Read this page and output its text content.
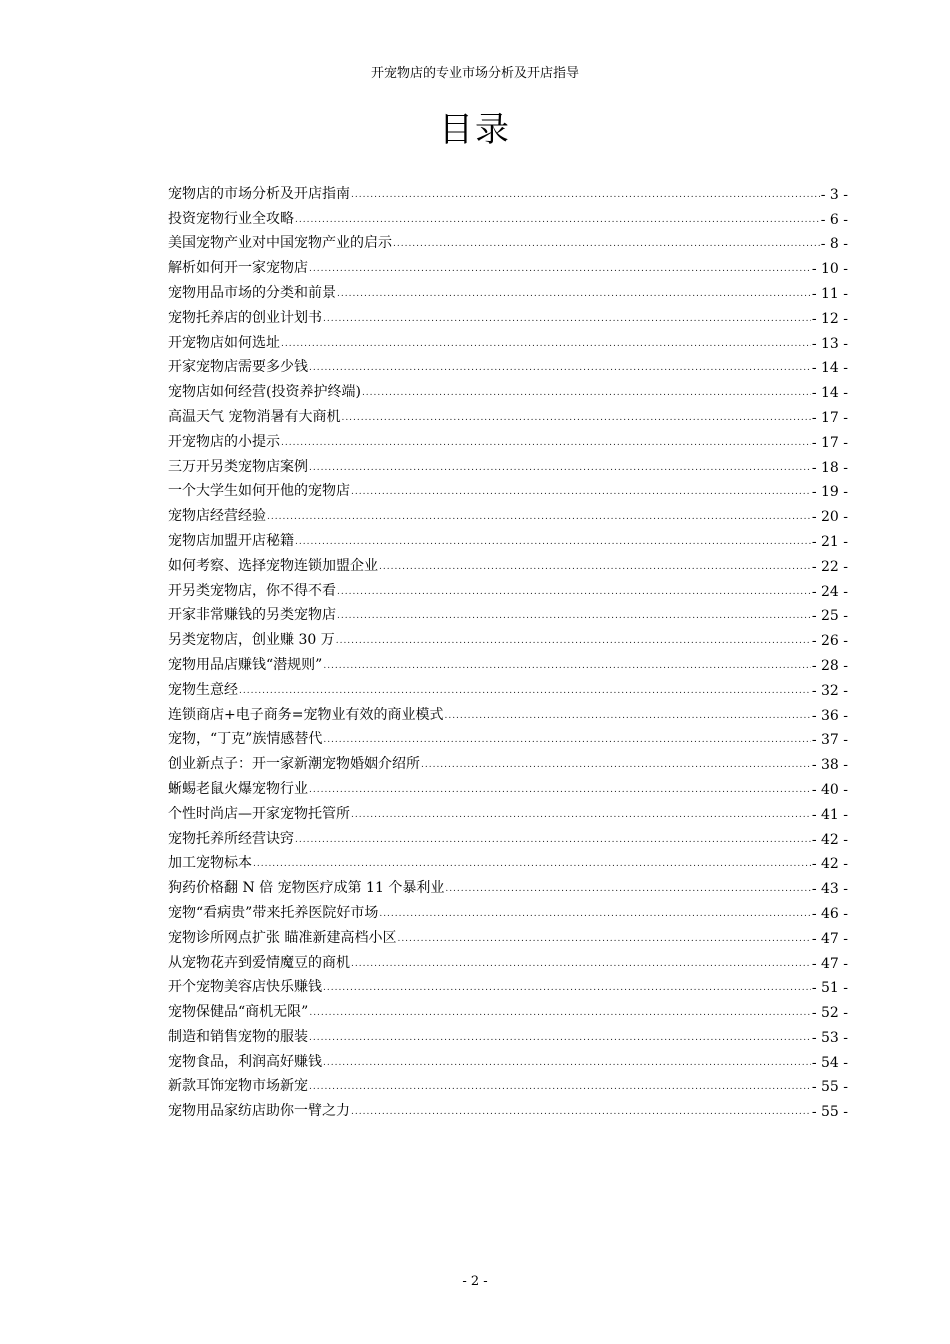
开宠物店的专业市场分析及开店指导
目录
宠物店的市场分析及开店指南 .....	- 3 -
投资宠物行业全攻略 .....	- 6 -
美国宠物产业对中国宠物产业的启示 .....	- 8 -
解析如何开一家宠物店 .....	- 10 -
宠物用品市场的分类和前景 .....	- 11 -
宠物托养店的创业计划书 .....	- 12 -
开宠物店如何选址 .....	- 13 -
开家宠物店需要多少钱 .....	- 14 -
宠物店如何经营(投资养护终端) .....	- 14 -
高温天气 宠物消暑有大商机 .....	- 17 -
开宠物店的小提示 .....	- 17 -
三万开另类宠物店案例 .....	- 18 -
一个大学生如何开他的宠物店 .....	- 19 -
宠物店经营经验 .....	- 20 -
宠物店加盟开店秘籍 .....	- 21 -
如何考察、选择宠物连锁加盟企业 .....	- 22 -
开另类宠物店，你不得不看 .....	- 24 -
开家非常赚钱的另类宠物店 .....	- 25 -
另类宠物店，创业赚 30 万 .....	- 26 -
宠物用品店赚钱“潜规则” .....	- 28 -
宠物生意经 .....	- 32 -
连锁商店+电子商务=宠物业有效的商业模式 .....	- 36 -
宠物，“丁克”族情感替代 .....	- 37 -
创业新点子：开一家新潮宠物婚姻介绍所 .....	- 38 -
蜥蜴老鼠火爆宠物行业 .....	- 40 -
个性时尚店—开家宠物托管所 .....	- 41 -
宠物托养所经营诀窍 .....	- 42 -
加工宠物标本 .....	- 42 -
狗药价格翻 N 倍 宠物医疗成第 11 个暴利业 .....	- 43 -
宠物“看病贵”带来托养医院好市场 .....	- 46 -
宠物诊所网点扩张 瞄准新建高档小区 .....	- 47 -
从宠物花卉到爱情魔豆的商机 .....	- 47 -
开个宠物美容店快乐赚钱 .....	- 51 -
宠物保健品“商机无限” .....	- 52 -
制造和销售宠物的服装 .....	- 53 -
宠物食品，利润高好赚钱 .....	- 54 -
新款耳饰宠物市场新宠 .....	- 55 -
宠物用品家纺店助你一臂之力 .....	- 55 -
- 2 -
